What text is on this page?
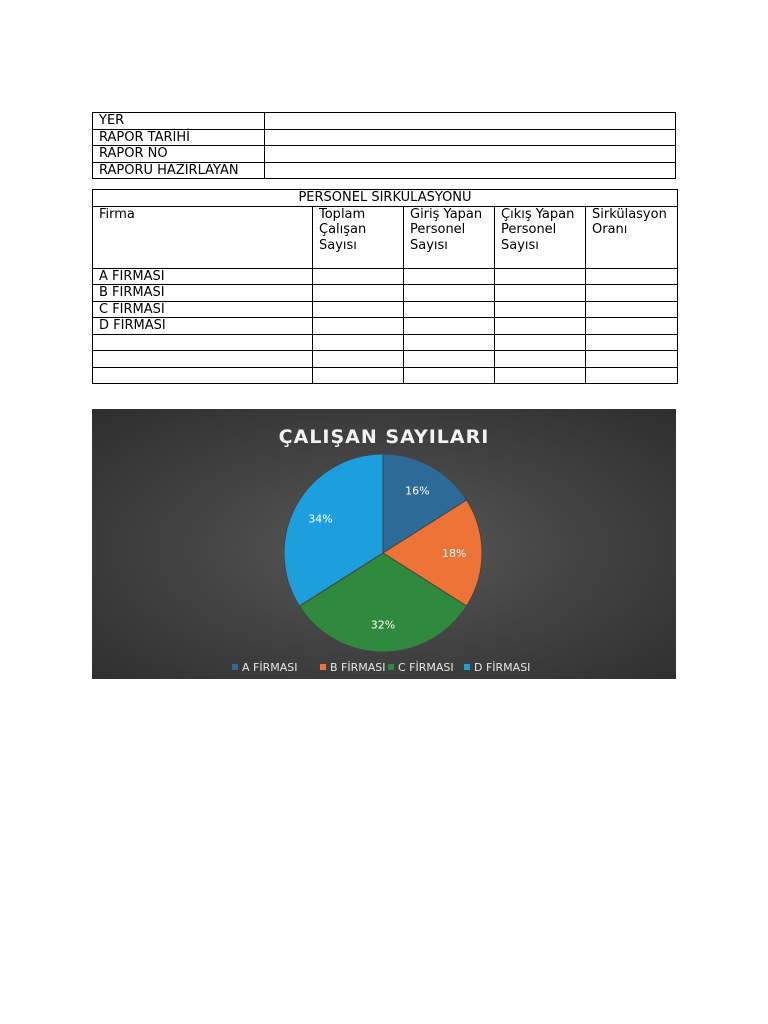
YER	
RAPOR TARİHİ	
RAPOR NO	
RAPORU HAZIRLAYAN	
PERSONEL SIRKULASYONU				
Firma	Toplam Çalışan Sayısı	Giriş Yapan Personel Sayısı	Çıkış Yapan Personel Sayısı	Sirkülasyon Oranı
A FIRMASI				
B FIRMASI				
C FIRMASI				
D FİRMASI				

ÇALIŞAN SAYILARI
16%
18%
32%
34%
A FİRMASI	B FİRMASI C FİRMASI D FİRMASI
